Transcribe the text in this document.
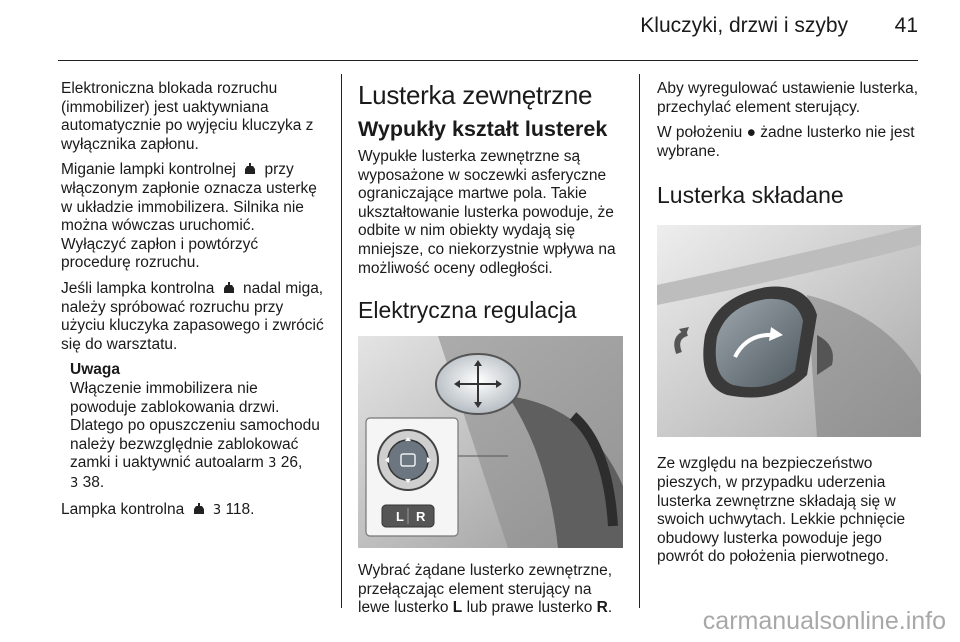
Kluczyki, drzwi i szyby 41

Elektroniczna blokada rozruchu (immobilizer) jest uaktywniana automatycznie po wyjęciu kluczyka z wyłącznika zapłonu.

Miganie lampki kontrolnej przy włączonym zapłonie oznacza usterkę w układzie immobilizera. Silnika nie można wówczas uruchomić.
Wyłączyć zapłon i powtórzyć procedurę rozruchu.

Jeśli lampka kontrolna nadal miga, należy spróbować rozruchu przy użyciu kluczyka zapasowego i zwrócić się do warsztatu.

Uwaga
Włączenie immobilizera nie powoduje zablokowania drzwi. Dlatego po opuszczeniu samochodu należy bezwzględnie zablokować zamki i uaktywnić autoalarm 3 26,
3 38.

Lampka kontrolna 3 118.

Lusterka zewnętrzne
Wypukły kształt lusterek

Wypukłe lusterka zewnętrzne są wyposażone w soczewki asferyczne ograniczające martwe pola. Takie ukształtowanie lusterka powoduje, że odbite w nim obiekty wydają się mniejsze, co niekorzystnie wpływa na możliwość oceny odległości.

Elektryczna regulacja
L R

Wybrać żądane lusterko zewnętrzne, przełączając element sterujący na lewe lusterko L lub prawe lusterko R.

Aby wyregulować ustawienie lusterka, przechylać element sterujący.

W położeniu ● żadne lusterko nie jest wybrane.

Lusterka składane

Ze względu na bezpieczeństwo pieszych, w przypadku uderzenia lusterka zewnętrzne składają się w swoich uchwytach. Lekkie pchnięcie obudowy lusterka powoduje jego powrót do położenia pierwotnego.

carmanualsonline.info
